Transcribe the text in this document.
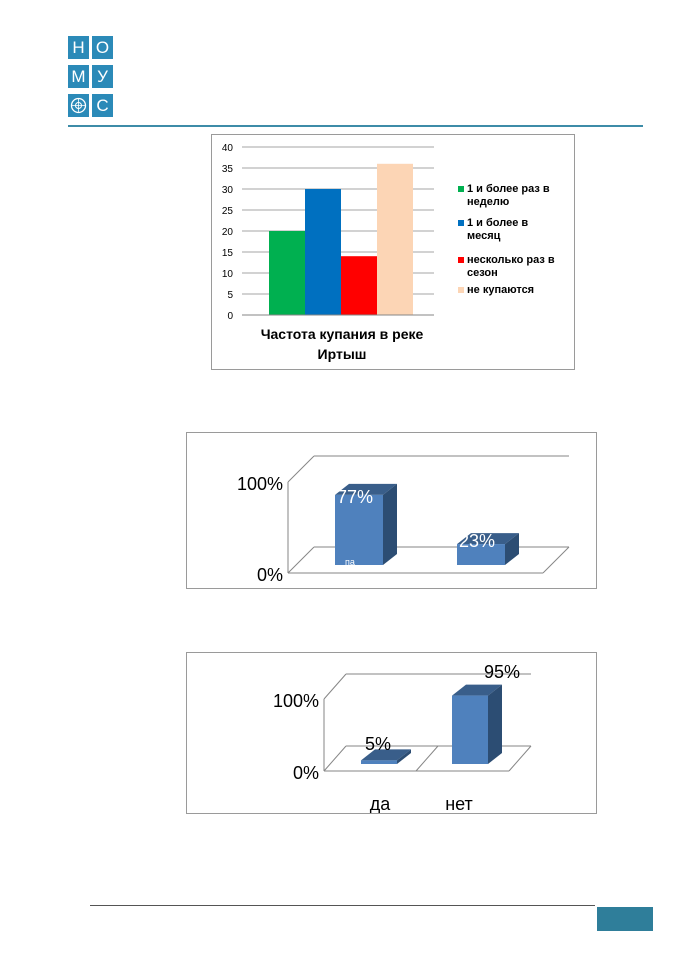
Н О
М У
С
0
5
10
15
20
25
30
35
40
1 и более раз в неделю
1 и более в месяц
несколько раз в сезон
не купаются
Частота купания в реке
Иртыш
0%
100%
77%
23%
па
0%
100%
5%
95%
да	нет
